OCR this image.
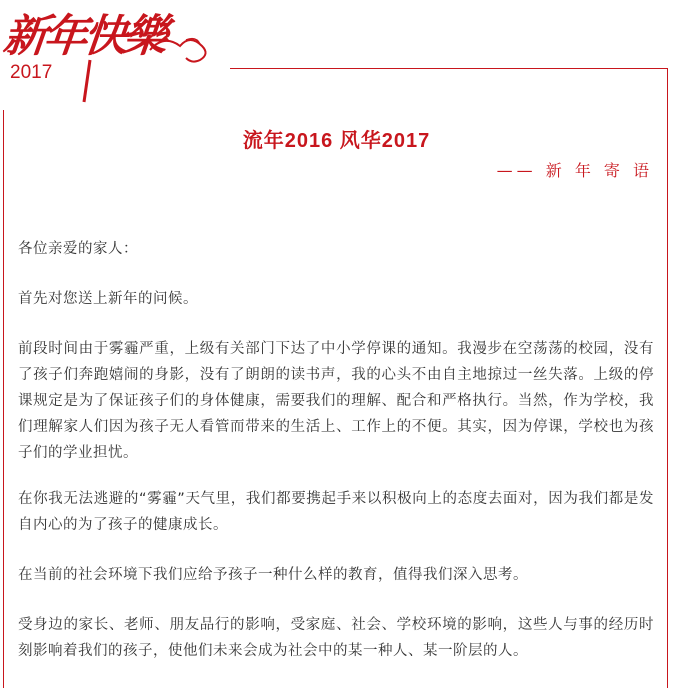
新年快樂
2017
流年2016 风华2017
—— 新 年 寄 语
各位亲爱的家人：
首先对您送上新年的问候。
前段时间由于雾霾严重，上级有关部门下达了中小学停课的通知。我漫步在空荡荡的校园，没有了孩子们奔跑嬉闹的身影，没有了朗朗的读书声，我的心头不由自主地掠过一丝失落。上级的停课规定是为了保证孩子们的身体健康，需要我们的理解、配合和严格执行。当然，作为学校，我们理解家人们因为孩子无人看管而带来的生活上、工作上的不便。其实，因为停课，学校也为孩子们的学业担忧。
在你我无法逃避的“雾霾”天气里，我们都要携起手来以积极向上的态度去面对，因为我们都是发自内心的为了孩子的健康成长。
在当前的社会环境下我们应给予孩子一种什么样的教育，值得我们深入思考。
受身边的家长、老师、朋友品行的影响，受家庭、社会、学校环境的影响，这些人与事的经历时刻影响着我们的孩子，使他们未来会成为社会中的某一种人、某一阶层的人。
